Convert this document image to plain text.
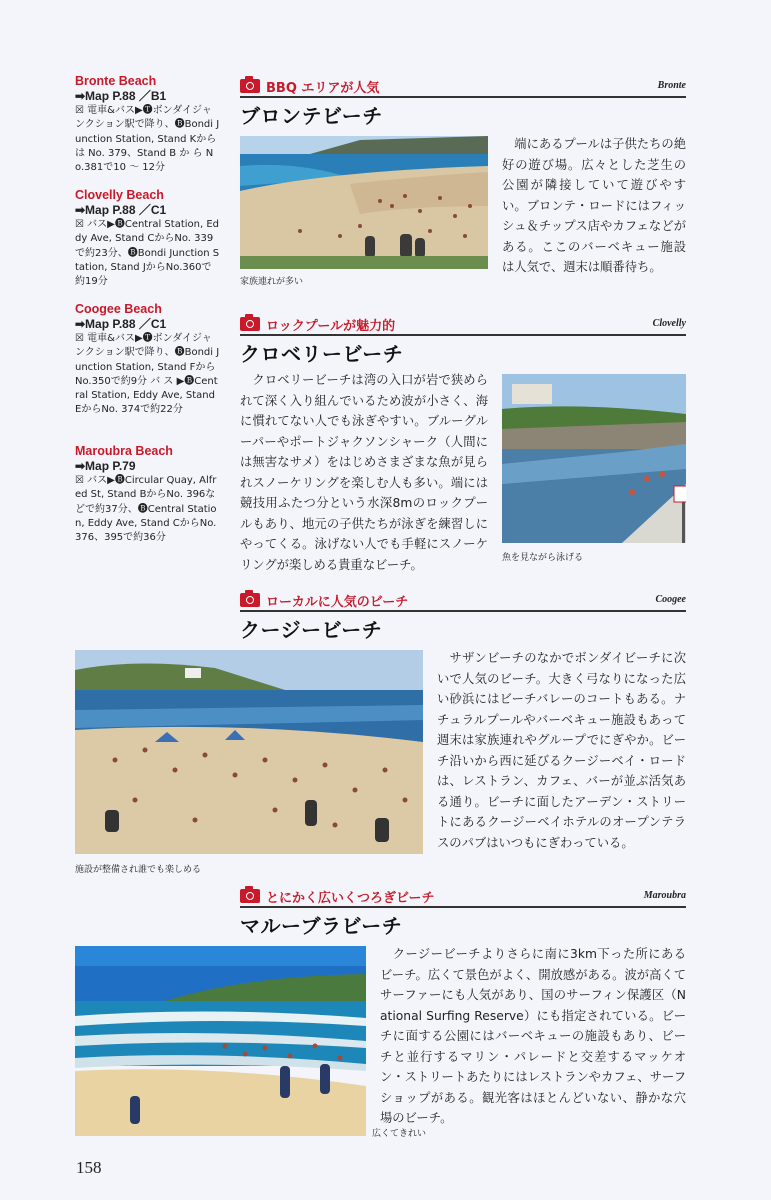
Bronte Beach
➡Map P.88 ／B1
☒ 電車&バス▶🅣ボンダイジャンクション駅で降り、🅑Bondi Junction Station, Stand Kから は No. 379、Stand B か ら No.381で10 〜 12分
Clovelly Beach
➡Map P.88 ／C1
☒ バス▶🅑Central Station, Eddy Ave, Stand CからNo. 339で約23分、🅑Bondi Junction Station, Stand JからNo.360で約19分
Coogee Beach
➡Map P.88 ／C1
☒ 電車&バス▶🅣ボンダイジャンクション駅で降り、🅑Bondi Junction Station, Stand FからNo.350で約9分 バ ス ▶🅑Central Station, Eddy Ave, Stand EからNo. 374で約22分
Maroubra Beach
➡Map P.79
☒ バス▶🅑Circular Quay, Alfred St, Stand BからNo. 396などで約37分、🅑Central Station, Eddy Ave, Stand CからNo.376、395で約36分
BBQ エリアが人気	Bronte
ブロンテビーチ
家族連れが多い
　端にあるプールは子供たちの絶好の遊び場。広々とした芝生の公園が隣接していて遊びやすい。ブロンテ・ロードにはフィッシュ＆チップス店やカフェなどがある。ここのバーベキュー施設は人気で、週末は順番待ち。
ロックプールが魅力的	Clovelly
クロベリービーチ
　クロベリービーチは湾の入口が岩で狭められて深く入り組んでいるため波が小さく、海に慣れてない人でも泳ぎやすい。ブルーグルーパーやポートジャクソンシャーク（人間には無害なサメ）をはじめさまざまな魚が見られスノーケリングを楽しむ人も多い。端には競技用ふたつ分という水深8mのロックプールもあり、地元の子供たちが泳ぎを練習しにやってくる。泳げない人でも手軽にスノーケリングが楽しめる貴重なビーチ。	魚を見ながら泳げる
ローカルに人気のビーチ	Coogee
クージービーチ
施設が整備され誰でも楽しめる
　サザンビーチのなかでボンダイビーチに次いで人気のビーチ。大きく弓なりになった広い砂浜にはビーチバレーのコートもある。ナチュラルプールやバーベキュー施設もあって週末は家族連れやグループでにぎやか。ビーチ沿いから西に延びるクージーベイ・ロードは、レストラン、カフェ、バーが並ぶ活気ある通り。ビーチに面したアーデン・ストリートにあるクージーベイホテルのオープンテラスのパブはいつもにぎわっている。
とにかく広いくつろぎビーチ	Maroubra
マルーブラビーチ
広くてきれい
　クージービーチよりさらに南に3km下った所にあるビーチ。広くて景色がよく、開放感がある。波が高くてサーファーにも人気があり、国のサーフィン保護区（National Surfing Reserve）にも指定されている。ビーチに面する公園にはバーベキューの施設もあり、ビーチと並行するマリン・パレードと交差するマッケオン・ストリートあたりにはレストランやカフェ、サーフショップがある。観光客はほとんどいない、静かな穴場のビーチ。
158
